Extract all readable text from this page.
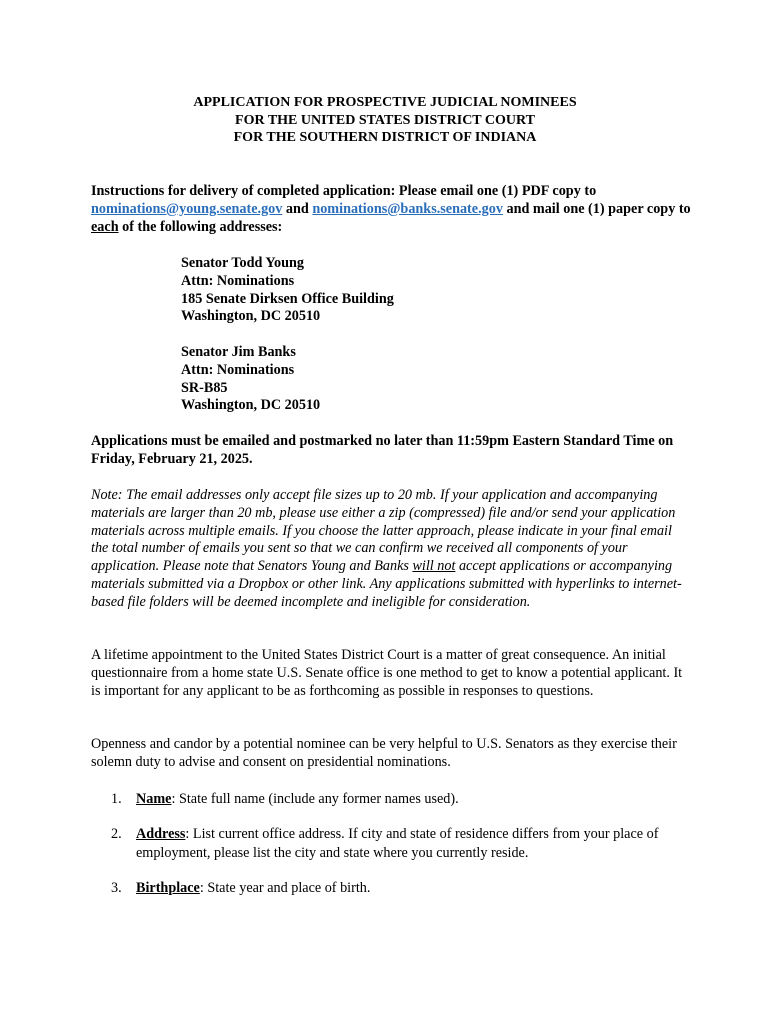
APPLICATION FOR PROSPECTIVE JUDICIAL NOMINEES
FOR THE UNITED STATES DISTRICT COURT
FOR THE SOUTHERN DISTRICT OF INDIANA
Instructions for delivery of completed application: Please email one (1) PDF copy to nominations@young.senate.gov and nominations@banks.senate.gov and mail one (1) paper copy to each of the following addresses:
Senator Todd Young
Attn: Nominations
185 Senate Dirksen Office Building
Washington, DC 20510
Senator Jim Banks
Attn: Nominations
SR-B85
Washington, DC 20510
Applications must be emailed and postmarked no later than 11:59pm Eastern Standard Time on Friday, February 21, 2025.
Note: The email addresses only accept file sizes up to 20 mb. If your application and accompanying materials are larger than 20 mb, please use either a zip (compressed) file and/or send your application materials across multiple emails. If you choose the latter approach, please indicate in your final email the total number of emails you sent so that we can confirm we received all components of your application. Please note that Senators Young and Banks will not accept applications or accompanying materials submitted via a Dropbox or other link. Any applications submitted with hyperlinks to internet-based file folders will be deemed incomplete and ineligible for consideration.
A lifetime appointment to the United States District Court is a matter of great consequence. An initial questionnaire from a home state U.S. Senate office is one method to get to know a potential applicant. It is important for any applicant to be as forthcoming as possible in responses to questions.
Openness and candor by a potential nominee can be very helpful to U.S. Senators as they exercise their solemn duty to advise and consent on presidential nominations.
1. Name: State full name (include any former names used).
2. Address: List current office address. If city and state of residence differs from your place of employment, please list the city and state where you currently reside.
3. Birthplace: State year and place of birth.
